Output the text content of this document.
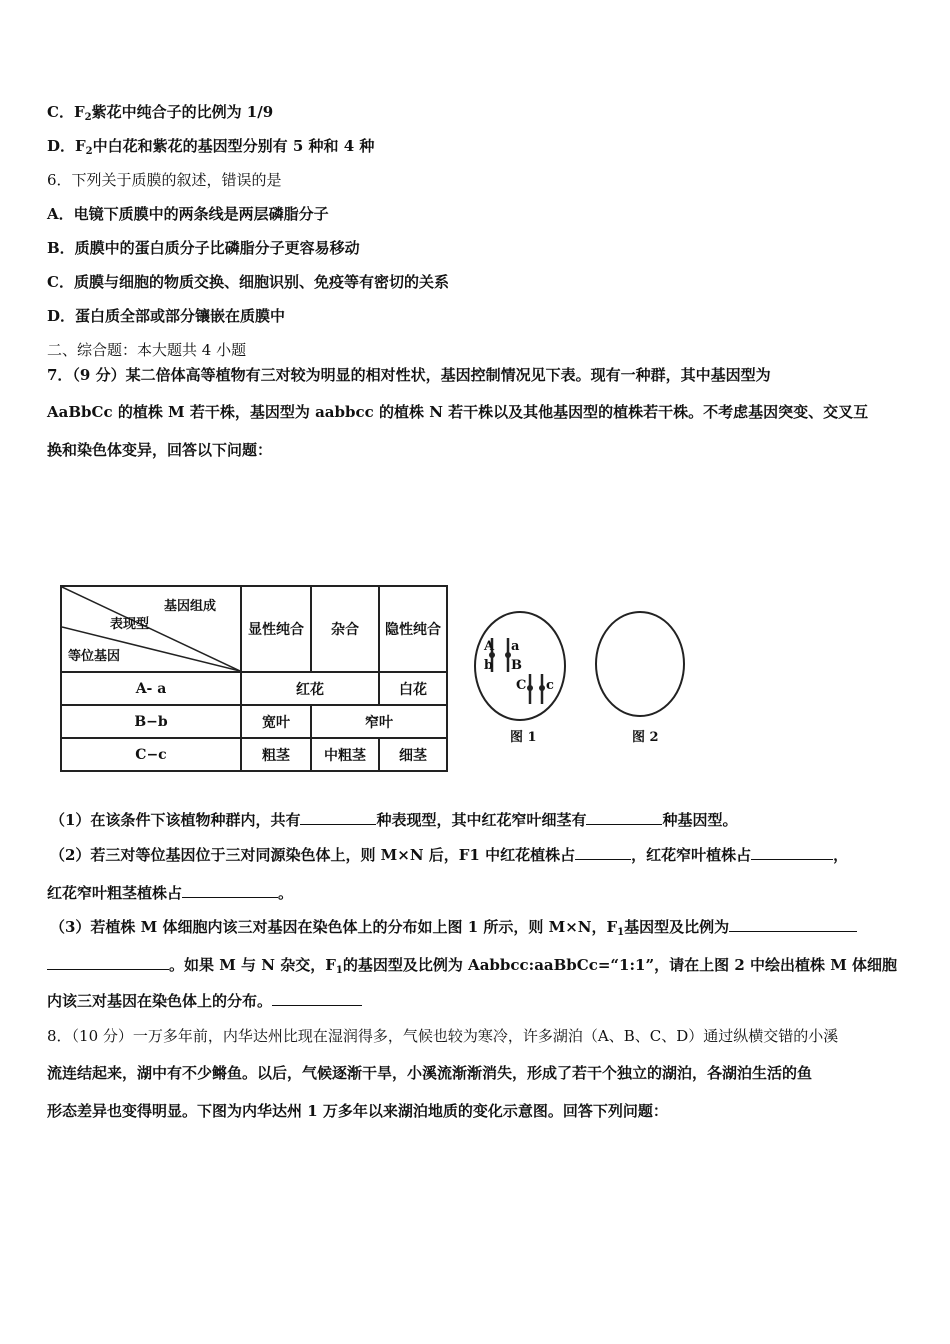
C．$F_2$紫花中纯合子的比例为 1/9
D．$F_2$中白花和紫花的基因型分别有 5 种和 4 种
6．下列关于质膜的叙述，错误的是
A．电镜下质膜中的两条线是两层磷脂分子
B．质膜中的蛋白质分子比磷脂分子更容易移动
C．质膜与细胞的物质交换、细胞识别、免疫等有密切的关系
D．蛋白质全部或部分镶嵌在质膜中
二、综合题：本大题共 4 小题
7．（9 分）某二倍体高等植物有三对较为明显的相对性状，基因控制情况见下表。现有一种群，其中基因型为
AaBbCc 的植株 M 若干株，基因型为 aabbcc 的植株 N 若干株以及其他基因型的植株若干株。不考虑基因突变、交叉互
换和染色体变异，回答以下问题：
基因组成
表现型
等位基因	显性纯合	杂合	隐性纯合
A- a	红花		白花
B−b	宽叶	窄叶	
C−c	粗茎	中粗茎	细茎
A a
b B
C c
图 1	图 2
（1）在该条件下该植物种群内，共有	种表现型，其中红花窄叶细茎有	种基因型。
（2）若三对等位基因位于三对同源染色体上，则 M×N 后，F1 中红花植株占	，红花窄叶植株占	，
红花窄叶粗茎植株占	。
（3）若植株 M 体细胞内该三对基因在染色体上的分布如上图 1 所示，则 M×N，$F_1$基因型及比例为
。如果 M 与 N 杂交，$F_1$的基因型及比例为 Aabbcc:aaBbCc=“1:1”，请在上图 2 中绘出植株 M 体细胞
内该三对基因在染色体上的分布。
8．（10 分）一万多年前，内华达州比现在湿润得多，气候也较为寒冷，许多湖泊（A、B、C、D）通过纵横交错的小溪
流连结起来，湖中有不少鳉鱼。以后，气候逐渐干旱，小溪流渐渐消失，形成了若干个独立的湖泊，各湖泊生活的鱼
形态差异也变得明显。下图为内华达州 1 万多年以来湖泊地质的变化示意图。回答下列问题：
